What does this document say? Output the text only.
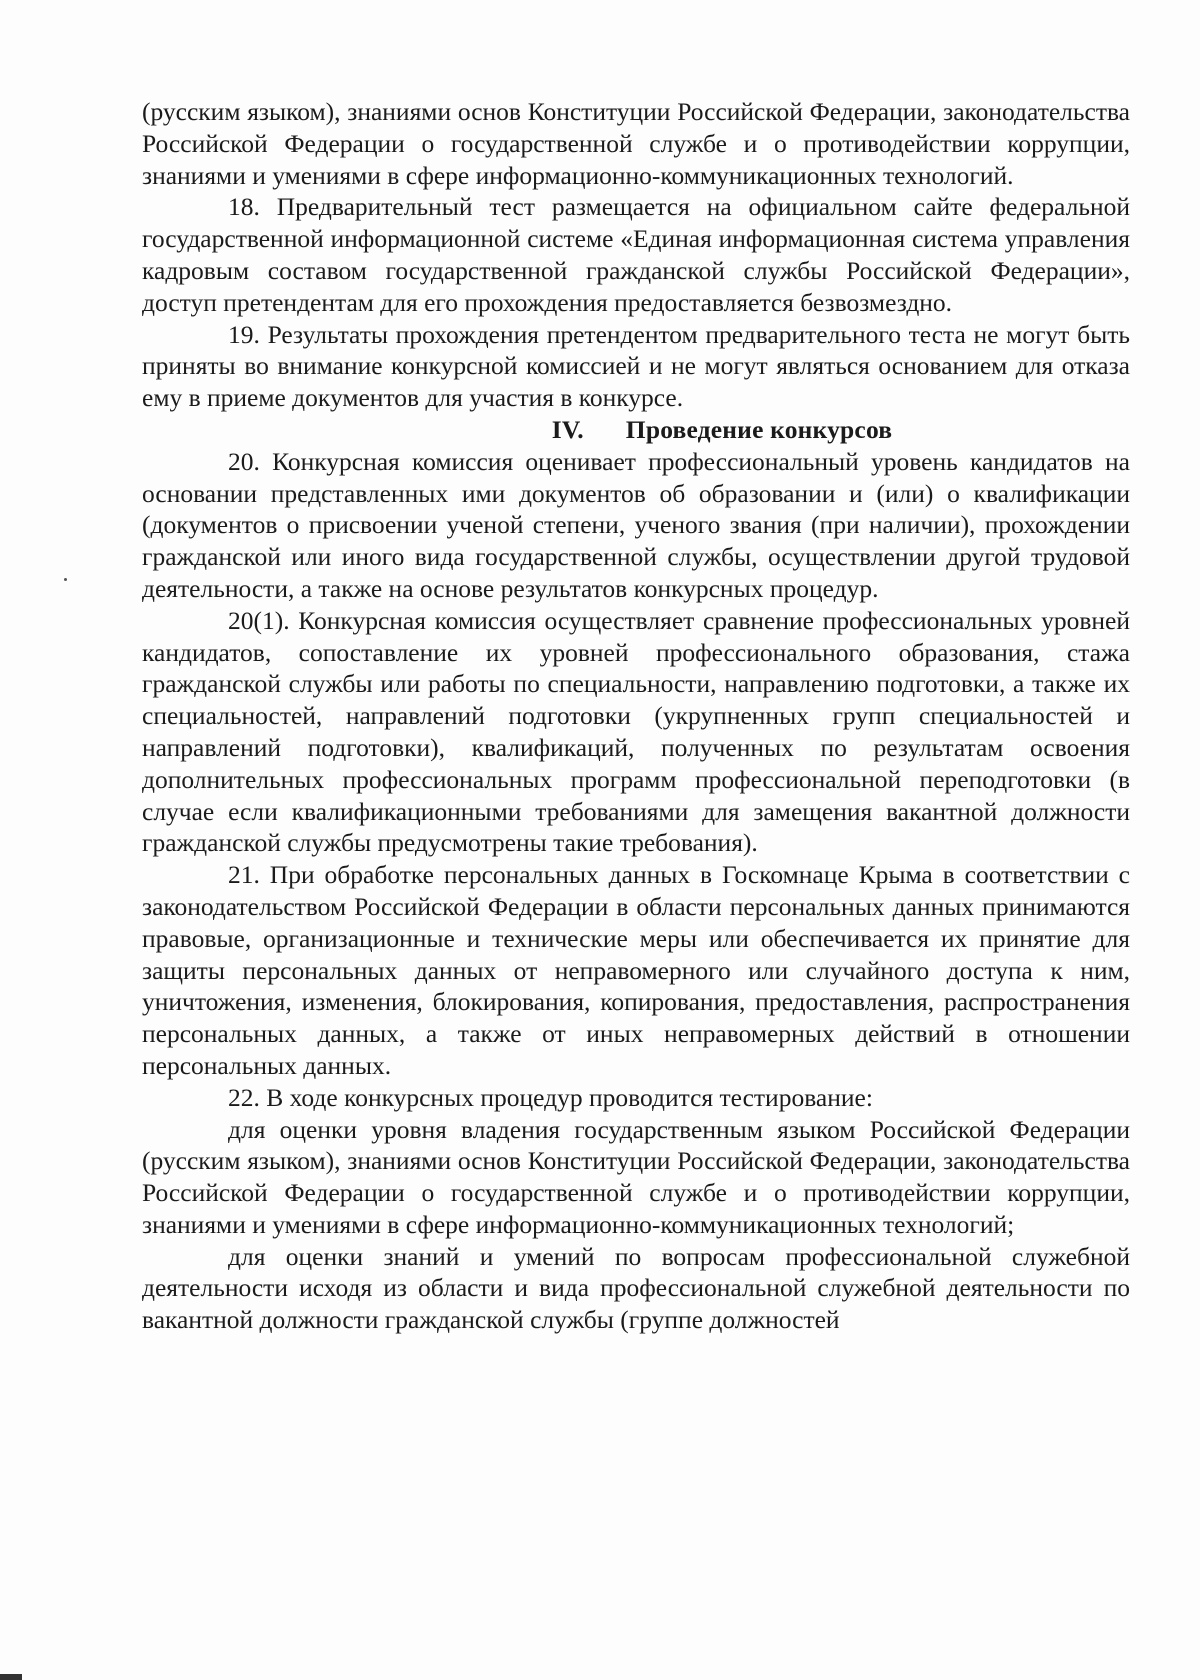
(русским языком), знаниями основ Конституции Российской Федерации, законодательства Российской Федерации о государственной службе и о противодействии коррупции, знаниями и умениями в сфере информационно-коммуникационных технологий.

18. Предварительный тест размещается на официальном сайте федеральной государственной информационной системе «Единая информационная система управления кадровым составом государственной гражданской службы Российской Федерации», доступ претендентам для его прохождения предоставляется безвозмездно.

19. Результаты прохождения претендентом предварительного теста не могут быть приняты во внимание конкурсной комиссией и не могут являться основанием для отказа ему в приеме документов для участия в конкурсе.

IV. Проведение конкурсов

20. Конкурсная комиссия оценивает профессиональный уровень кандидатов на основании представленных ими документов об образовании и (или) о квалификации (документов о присвоении ученой степени, ученого звания (при наличии), прохождении гражданской или иного вида государственной службы, осуществлении другой трудовой деятельности, а также на основе результатов конкурсных процедур.

20(1). Конкурсная комиссия осуществляет сравнение профессиональных уровней кандидатов, сопоставление их уровней профессионального образования, стажа гражданской службы или работы по специальности, направлению подготовки, а также их специальностей, направлений подготовки (укрупненных групп специальностей и направлений подготовки), квалификаций, полученных по результатам освоения дополнительных профессиональных программ профессиональной переподготовки (в случае если квалификационными требованиями для замещения вакантной должности гражданской службы предусмотрены такие требования).

21. При обработке персональных данных в Госкомнаце Крыма в соответствии с законодательством Российской Федерации в области персональных данных принимаются правовые, организационные и технические меры или обеспечивается их принятие для защиты персональных данных от неправомерного или случайного доступа к ним, уничтожения, изменения, блокирования, копирования, предоставления, распространения персональных данных, а также от иных неправомерных действий в отношении персональных данных.

22. В ходе конкурсных процедур проводится тестирование:

для оценки уровня владения государственным языком Российской Федерации (русским языком), знаниями основ Конституции Российской Федерации, законодательства Российской Федерации о государственной службе и о противодействии коррупции, знаниями и умениями в сфере информационно-коммуникационных технологий;

для оценки знаний и умений по вопросам профессиональной служебной деятельности исходя из области и вида профессиональной служебной деятельности по вакантной должности гражданской службы (группе должностей
